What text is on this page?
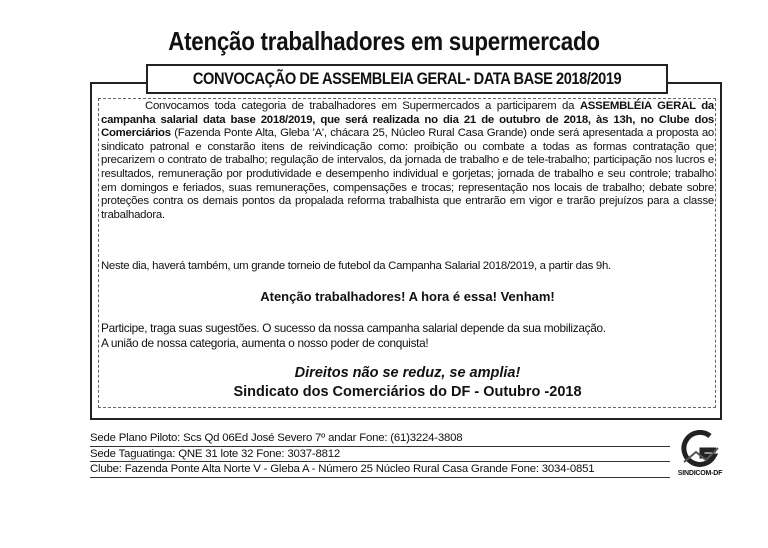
Atenção trabalhadores em supermercado
CONVOCAÇÃO DE ASSEMBLEIA GERAL- DATA BASE 2018/2019
Convocamos toda categoria de trabalhadores em Supermercados a participarem da ASSEMBLÉIA GERAL da campanha salarial data base 2018/2019, que será realizada no dia 21 de outubro de 2018, às 13h, no Clube dos Comerciários (Fazenda Ponte Alta, Gleba 'A', chácara 25, Núcleo Rural Casa Grande) onde será apresentada a proposta ao sindicato patronal e constarão itens de reivindicação como: proibição ou combate a todas as formas contratação que precarizem o contrato de trabalho; regulação de intervalos, da jornada de trabalho e de tele-trabalho; participação nos lucros e resultados, remuneração por produtividade e desempenho individual e gorjetas; jornada de trabalho e seu controle; trabalho em domingos e feriados, suas remunerações, compensações e trocas; representação nos locais de trabalho; debate sobre proteções contra os demais pontos da propalada reforma trabalhista que entrarão em vigor e trarão prejuízos para a classe trabalhadora.
Neste dia, haverá também, um grande torneio de futebol da Campanha Salarial 2018/2019, a partir das 9h.
Atenção trabalhadores! A hora é essa! Venham!
Participe, traga suas sugestões. O sucesso da nossa campanha salarial depende da sua mobilização.
A união de nossa categoria, aumenta o nosso poder de conquista!
Direitos não se reduz, se amplia!
Sindicato dos Comerciários do DF - Outubro -2018
Sede Plano Piloto: Scs Qd 06Ed José Severo 7º andar Fone: (61)3224-3808
Sede Taguatinga: QNE 31 lote 32 Fone: 3037-8812
Clube: Fazenda Ponte Alta Norte V - Gleba A - Número 25 Núcleo Rural Casa Grande Fone: 3034-0851	SINDICOM-DF
